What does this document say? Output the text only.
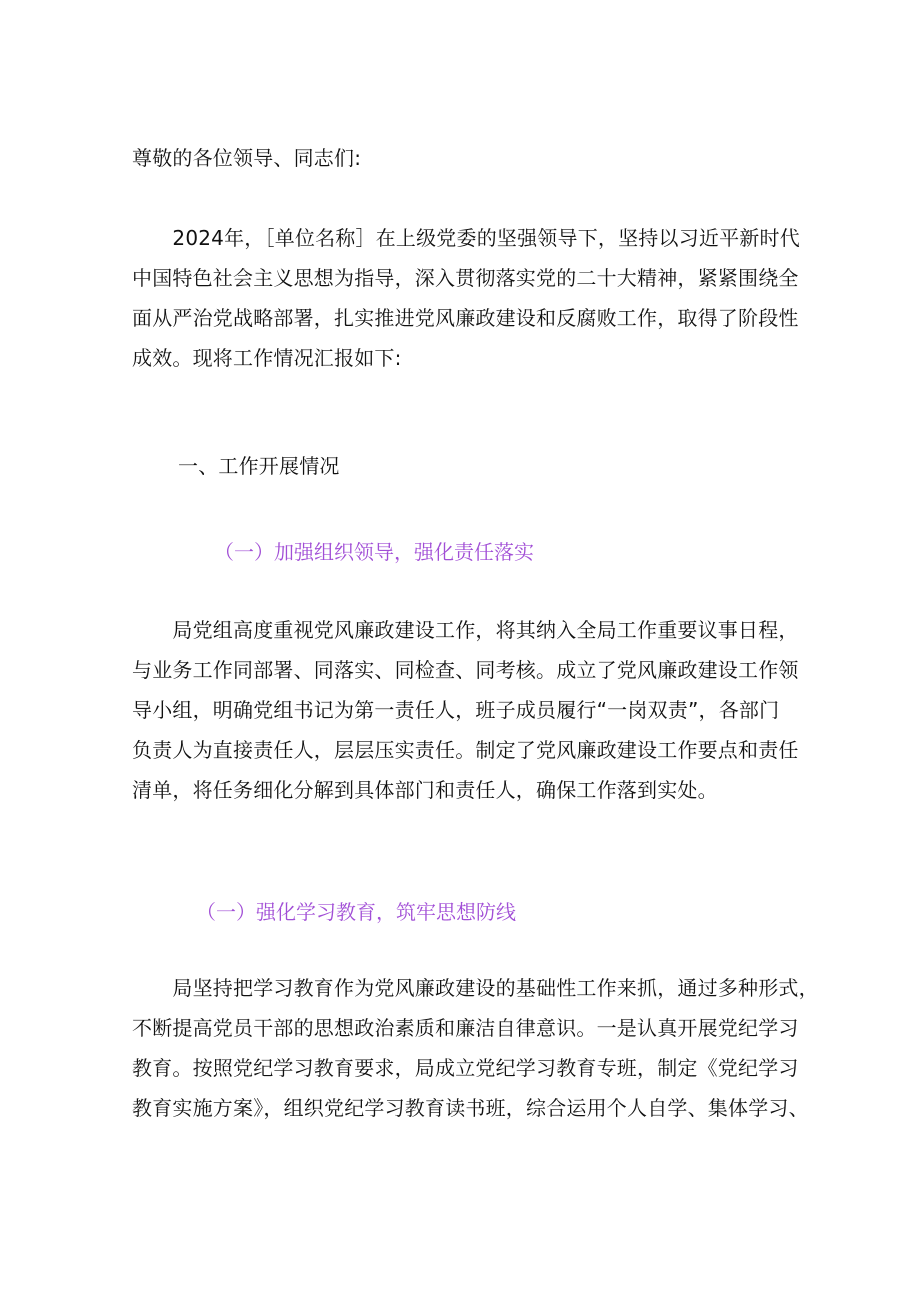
尊敬的各位领导、同志们:

　　2024年，［单位名称］在上级党委的坚强领导下，坚持以习近平新时代
中国特色社会主义思想为指导，深入贯彻落实党的二十大精神，紧紧围绕全
面从严治党战略部署，扎实推进党风廉政建设和反腐败工作，取得了阶段性
成效。现将工作情况汇报如下:

一、工作开展情况

（一）加强组织领导，强化责任落实

　　局党组高度重视党风廉政建设工作，将其纳入全局工作重要议事日程，
与业务工作同部署、同落实、同检查、同考核。成立了党风廉政建设工作领
导小组，明确党组书记为第一责任人，班子成员履行“一岗双责”，各部门
负责人为直接责任人，层层压实责任。制定了党风廉政建设工作要点和责任
清单，将任务细化分解到具体部门和责任人，确保工作落到实处。

（一）强化学习教育，筑牢思想防线

　　局坚持把学习教育作为党风廉政建设的基础性工作来抓，通过多种形式，
不断提高党员干部的思想政治素质和廉洁自律意识。一是认真开展党纪学习
教育。按照党纪学习教育要求，局成立党纪学习教育专班，制定《党纪学习
教育实施方案》，组织党纪学习教育读书班，综合运用个人自学、集体学习、
